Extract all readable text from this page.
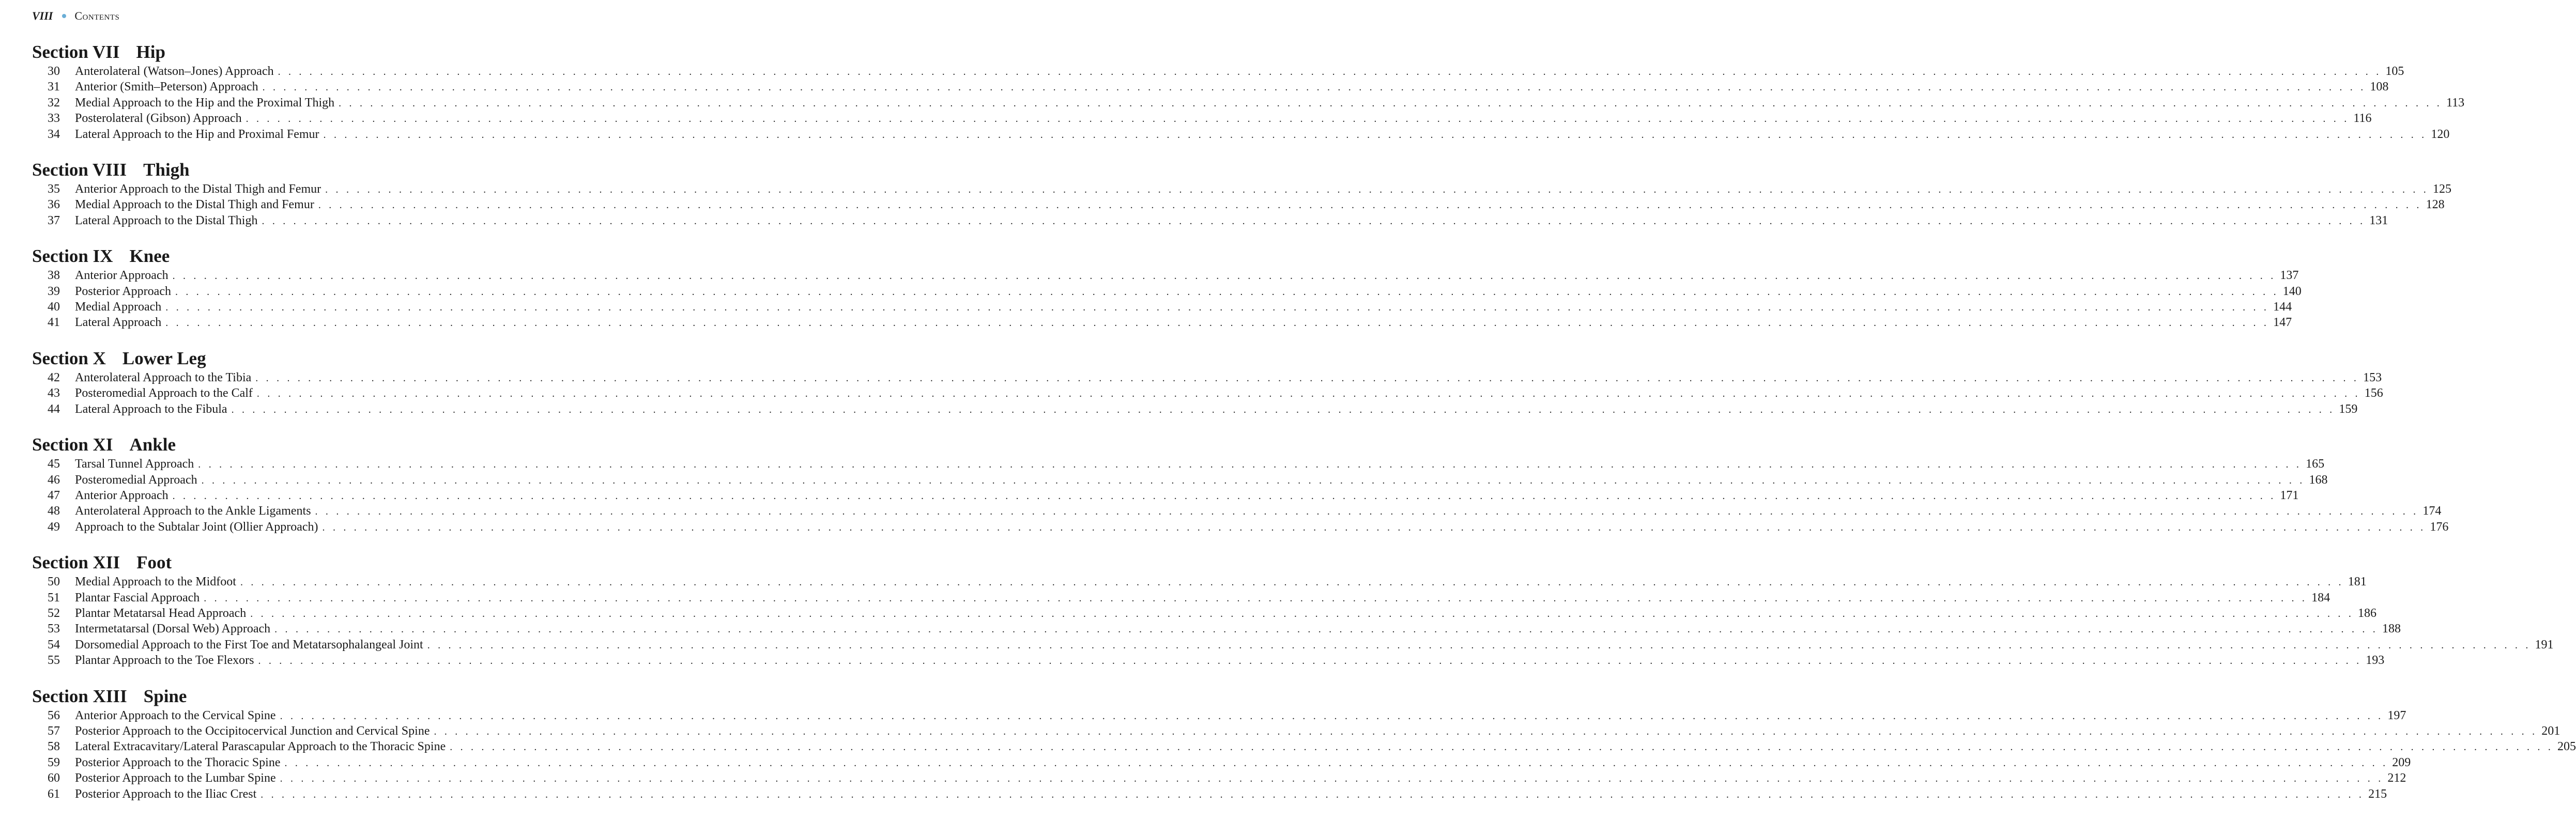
VIII Contents
Section VII Hip
30 Anterolateral (Watson–Jones) Approach . . . . . . . . . . . . . . . . . . . . . . . . . . . . . . . . . . . . . . . . . . . . . . . . . . . . . . . . . . . . . . . . . . . . . . . . . . . . . . . . . . . . . . . . . . . . . . . . . . . . . . . . . . . . . . . . . . . . . . . . . . . . . . . . . . . . . . . . . . . . . . . . . . . . . . . . . . . . . . . . . . . . . . . . . . . . . . . . . . . . . . . . . . . . . . . . . . . . . . . . 105
31 Anterior (Smith–Peterson) Approach . . . . . . . . . . . . . . . . . . . . . . . . . . . . . . . . . . . . . . . . . . . . . . . . . . . . . . . . . . . . . . . . . . . . . . . . . . . . . . . . . . . . . . . . . . . . . . . . . . . . . . . . . . . . . . . . . . . . . . . . . . . . . . . . . . . . . . . . . . . . . . . . . . . . . . . . . . . . . . . . . . . . . . . . . . . . . . . . . . . . . . . . . . . . . . . . . . . . . . . . 108
32 Medial Approach to the Hip and the Proximal Thigh . . . . . . . . . . . . . . . . . . . . . . . . . . . . . . . . . . . . . . . . . . . . . . . . . . . . . . . . . . . . . . . . . . . . . . . . . . . . . . . . . . . . . . . . . . . . . . . . . . . . . . . . . . . . . . . . . . . . . . . . . . . . . . . . . . . . . . . . . . . . . . . . . . . . . . . . . . . . . . . . . . . . . . . . . . . . . . . . . . . . . . . . . . . . . . . . . . . . . . . . 113
33 Posterolateral (Gibson) Approach . . . . . . . . . . . . . . . . . . . . . . . . . . . . . . . . . . . . . . . . . . . . . . . . . . . . . . . . . . . . . . . . . . . . . . . . . . . . . . . . . . . . . . . . . . . . . . . . . . . . . . . . . . . . . . . . . . . . . . . . . . . . . . . . . . . . . . . . . . . . . . . . . . . . . . . . . . . . . . . . . . . . . . . . . . . . . . . . . . . . . . . . . . . . . . . . . . . . . . . . 116
34 Lateral Approach to the Hip and Proximal Femur . . . . . . . . . . . . . . . . . . . . . . . . . . . . . . . . . . . . . . . . . . . . . . . . . . . . . . . . . . . . . . . . . . . . . . . . . . . . . . . . . . . . . . . . . . . . . . . . . . . . . . . . . . . . . . . . . . . . . . . . . . . . . . . . . . . . . . . . . . . . . . . . . . . . . . . . . . . . . . . . . . . . . . . . . . . . . . . . . . . . . . . . . . . . . . . . . . . . . . . . 120
Section VIII Thigh
35 Anterior Approach to the Distal Thigh and Femur . . . . . . . . . . . . . . . . . . . . . . . . . . . . . . . . . . . . . . . . . . . . . . . . . . . . . . . . . . . . . . . . . . . . . . . . . . . . . . . . . . . . . . . . . . . . . . . . . . . . . . . . . . . . . . . . . . . . . . . . . . . . . . . . . . . . . . . . . . . . . . . . . . . . . . . . . . . . . . . . . . . . . . . . . . . . . . . . . . . . . . . . . . . . . . . . . . . . . . . . 125
36 Medial Approach to the Distal Thigh and Femur . . . . . . . . . . . . . . . . . . . . . . . . . . . . . . . . . . . . . . . . . . . . . . . . . . . . . . . . . . . . . . . . . . . . . . . . . . . . . . . . . . . . . . . . . . . . . . . . . . . . . . . . . . . . . . . . . . . . . . . . . . . . . . . . . . . . . . . . . . . . . . . . . . . . . . . . . . . . . . . . . . . . . . . . . . . . . . . . . . . . . . . . . . . . . . . . . . . . . . . . 128
37 Lateral Approach to the Distal Thigh . . . . . . . . . . . . . . . . . . . . . . . . . . . . . . . . . . . . . . . . . . . . . . . . . . . . . . . . . . . . . . . . . . . . . . . . . . . . . . . . . . . . . . . . . . . . . . . . . . . . . . . . . . . . . . . . . . . . . . . . . . . . . . . . . . . . . . . . . . . . . . . . . . . . . . . . . . . . . . . . . . . . . . . . . . . . . . . . . . . . . . . . . . . . . . . . . . . . . . . . 131
Section IX Knee
38 Anterior Approach . . . . . . . . . . . . . . . . . . . . . . . . . . . . . . . . . . . . . . . . . . . . . . . . . . . . . . . . . . . . . . . . . . . . . . . . . . . . . . . . . . . . . . . . . . . . . . . . . . . . . . . . . . . . . . . . . . . . . . . . . . . . . . . . . . . . . . . . . . . . . . . . . . . . . . . . . . . . . . . . . . . . . . . . . . . . . . . . . . . . . . . . . . . . . . . . . . . . . . . . 137
39 Posterior Approach . . . . . . . . . . . . . . . . . . . . . . . . . . . . . . . . . . . . . . . . . . . . . . . . . . . . . . . . . . . . . . . . . . . . . . . . . . . . . . . . . . . . . . . . . . . . . . . . . . . . . . . . . . . . . . . . . . . . . . . . . . . . . . . . . . . . . . . . . . . . . . . . . . . . . . . . . . . . . . . . . . . . . . . . . . . . . . . . . . . . . . . . . . . . . . . . . . . . . . . . 140
40 Medial Approach . . . . . . . . . . . . . . . . . . . . . . . . . . . . . . . . . . . . . . . . . . . . . . . . . . . . . . . . . . . . . . . . . . . . . . . . . . . . . . . . . . . . . . . . . . . . . . . . . . . . . . . . . . . . . . . . . . . . . . . . . . . . . . . . . . . . . . . . . . . . . . . . . . . . . . . . . . . . . . . . . . . . . . . . . . . . . . . . . . . . . . . . . . . . . . . . . . . . . . . . 144
41 Lateral Approach . . . . . . . . . . . . . . . . . . . . . . . . . . . . . . . . . . . . . . . . . . . . . . . . . . . . . . . . . . . . . . . . . . . . . . . . . . . . . . . . . . . . . . . . . . . . . . . . . . . . . . . . . . . . . . . . . . . . . . . . . . . . . . . . . . . . . . . . . . . . . . . . . . . . . . . . . . . . . . . . . . . . . . . . . . . . . . . . . . . . . . . . . . . . . . . . . . . . . . . . 147
Section X Lower Leg
42 Anterolateral Approach to the Tibia . . . . . . . . . . . . . . . . . . . . . . . . . . . . . . . . . . . . . . . . . . . . . . . . . . . . . . . . . . . . . . . . . . . . . . . . . . . . . . . . . . . . . . . . . . . . . . . . . . . . . . . . . . . . . . . . . . . . . . . . . . . . . . . . . . . . . . . . . . . . . . . . . . . . . . . . . . . . . . . . . . . . . . . . . . . . . . . . . . . . . . . . . . . . . . . . . . . . . . . . 153
43 Posteromedial Approach to the Calf . . . . . . . . . . . . . . . . . . . . . . . . . . . . . . . . . . . . . . . . . . . . . . . . . . . . . . . . . . . . . . . . . . . . . . . . . . . . . . . . . . . . . . . . . . . . . . . . . . . . . . . . . . . . . . . . . . . . . . . . . . . . . . . . . . . . . . . . . . . . . . . . . . . . . . . . . . . . . . . . . . . . . . . . . . . . . . . . . . . . . . . . . . . . . . . . . . . . . . . . 156
44 Lateral Approach to the Fibula . . . . . . . . . . . . . . . . . . . . . . . . . . . . . . . . . . . . . . . . . . . . . . . . . . . . . . . . . . . . . . . . . . . . . . . . . . . . . . . . . . . . . . . . . . . . . . . . . . . . . . . . . . . . . . . . . . . . . . . . . . . . . . . . . . . . . . . . . . . . . . . . . . . . . . . . . . . . . . . . . . . . . . . . . . . . . . . . . . . . . . . . . . . . . . . . . . . . . . . . 159
Section XI Ankle
45 Tarsal Tunnel Approach . . . . . . . . . . . . . . . . . . . . . . . . . . . . . . . . . . . . . . . . . . . . . . . . . . . . . . . . . . . . . . . . . . . . . . . . . . . . . . . . . . . . . . . . . . . . . . . . . . . . . . . . . . . . . . . . . . . . . . . . . . . . . . . . . . . . . . . . . . . . . . . . . . . . . . . . . . . . . . . . . . . . . . . . . . . . . . . . . . . . . . . . . . . . . . . . . . . . . . . . 165
46 Posteromedial Approach . . . . . . . . . . . . . . . . . . . . . . . . . . . . . . . . . . . . . . . . . . . . . . . . . . . . . . . . . . . . . . . . . . . . . . . . . . . . . . . . . . . . . . . . . . . . . . . . . . . . . . . . . . . . . . . . . . . . . . . . . . . . . . . . . . . . . . . . . . . . . . . . . . . . . . . . . . . . . . . . . . . . . . . . . . . . . . . . . . . . . . . . . . . . . . . . . . . . . . . . 168
47 Anterior Approach . . . . . . . . . . . . . . . . . . . . . . . . . . . . . . . . . . . . . . . . . . . . . . . . . . . . . . . . . . . . . . . . . . . . . . . . . . . . . . . . . . . . . . . . . . . . . . . . . . . . . . . . . . . . . . . . . . . . . . . . . . . . . . . . . . . . . . . . . . . . . . . . . . . . . . . . . . . . . . . . . . . . . . . . . . . . . . . . . . . . . . . . . . . . . . . . . . . . . . . . 171
48 Anterolateral Approach to the Ankle Ligaments . . . . . . . . . . . . . . . . . . . . . . . . . . . . . . . . . . . . . . . . . . . . . . . . . . . . . . . . . . . . . . . . . . . . . . . . . . . . . . . . . . . . . . . . . . . . . . . . . . . . . . . . . . . . . . . . . . . . . . . . . . . . . . . . . . . . . . . . . . . . . . . . . . . . . . . . . . . . . . . . . . . . . . . . . . . . . . . . . . . . . . . . . . . . . . . . . . . . . . . . 174
49 Approach to the Subtalar Joint (Ollier Approach) . . . . . . . . . . . . . . . . . . . . . . . . . . . . . . . . . . . . . . . . . . . . . . . . . . . . . . . . . . . . . . . . . . . . . . . . . . . . . . . . . . . . . . . . . . . . . . . . . . . . . . . . . . . . . . . . . . . . . . . . . . . . . . . . . . . . . . . . . . . . . . . . . . . . . . . . . . . . . . . . . . . . . . . . . . . . . . . . . . . . . . . . . . . . . . . . . . . . . . . . 176
Section XII Foot
50 Medial Approach to the Midfoot . . . . . . . . . . . . . . . . . . . . . . . . . . . . . . . . . . . . . . . . . . . . . . . . . . . . . . . . . . . . . . . . . . . . . . . . . . . . . . . . . . . . . . . . . . . . . . . . . . . . . . . . . . . . . . . . . . . . . . . . . . . . . . . . . . . . . . . . . . . . . . . . . . . . . . . . . . . . . . . . . . . . . . . . . . . . . . . . . . . . . . . . . . . . . . . . . . . . . . . . 181
51 Plantar Fascial Approach . . . . . . . . . . . . . . . . . . . . . . . . . . . . . . . . . . . . . . . . . . . . . . . . . . . . . . . . . . . . . . . . . . . . . . . . . . . . . . . . . . . . . . . . . . . . . . . . . . . . . . . . . . . . . . . . . . . . . . . . . . . . . . . . . . . . . . . . . . . . . . . . . . . . . . . . . . . . . . . . . . . . . . . . . . . . . . . . . . . . . . . . . . . . . . . . . . . . . . . . 184
52 Plantar Metatarsal Head Approach . . . . . . . . . . . . . . . . . . . . . . . . . . . . . . . . . . . . . . . . . . . . . . . . . . . . . . . . . . . . . . . . . . . . . . . . . . . . . . . . . . . . . . . . . . . . . . . . . . . . . . . . . . . . . . . . . . . . . . . . . . . . . . . . . . . . . . . . . . . . . . . . . . . . . . . . . . . . . . . . . . . . . . . . . . . . . . . . . . . . . . . . . . . . . . . . . . . . . . . . 186
53 Intermetatarsal (Dorsal Web) Approach . . . . . . . . . . . . . . . . . . . . . . . . . . . . . . . . . . . . . . . . . . . . . . . . . . . . . . . . . . . . . . . . . . . . . . . . . . . . . . . . . . . . . . . . . . . . . . . . . . . . . . . . . . . . . . . . . . . . . . . . . . . . . . . . . . . . . . . . . . . . . . . . . . . . . . . . . . . . . . . . . . . . . . . . . . . . . . . . . . . . . . . . . . . . . . . . . . . . . . . . 188
54 Dorsomedial Approach to the First Toe and Metatarsophalangeal Joint . . . . . . . . . . . . . . . . . . . . . . . . . . . . . . . . . . . . . . . . . . . . . . . . . . . . . . . . . . . . . . . . . . . . . . . . . . . . . . . . . . . . . . . . . . . . . . . . . . . . . . . . . . . . . . . . . . . . . . . . . . . . . . . . . . . . . . . . . . . . . . . . . . . . . . . . . . . . . . . . . . . . . . . . . . . . . . . . . . . . . . . . . . . . . . . . . . . . . . . . 191
55 Plantar Approach to the Toe Flexors . . . . . . . . . . . . . . . . . . . . . . . . . . . . . . . . . . . . . . . . . . . . . . . . . . . . . . . . . . . . . . . . . . . . . . . . . . . . . . . . . . . . . . . . . . . . . . . . . . . . . . . . . . . . . . . . . . . . . . . . . . . . . . . . . . . . . . . . . . . . . . . . . . . . . . . . . . . . . . . . . . . . . . . . . . . . . . . . . . . . . . . . . . . . . . . . . . . . . . . . 193
Section XIII Spine
56 Anterior Approach to the Cervical Spine . . . . . . . . . . . . . . . . . . . . . . . . . . . . . . . . . . . . . . . . . . . . . . . . . . . . . . . . . . . . . . . . . . . . . . . . . . . . . . . . . . . . . . . . . . . . . . . . . . . . . . . . . . . . . . . . . . . . . . . . . . . . . . . . . . . . . . . . . . . . . . . . . . . . . . . . . . . . . . . . . . . . . . . . . . . . . . . . . . . . . . . . . . . . . . . . . . . . . . . . 197
57 Posterior Approach to the Occipitocervical Junction and Cervical Spine . . . . . . . . . . . . . . . . . . . . . . . . . . . . . . . . . . . . . . . . . . . . . . . . . . . . . . . . . . . . . . . . . . . . . . . . . . . . . . . . . . . . . . . . . . . . . . . . . . . . . . . . . . . . . . . . . . . . . . . . . . . . . . . . . . . . . . . . . . . . . . . . . . . . . . . . . . . . . . . . . . . . . . . . . . . . . . . . . . . . . . . . . . . . . . . . . . . . . . . . 201
58 Lateral Extracavitary/Lateral Parascapular Approach to the Thoracic Spine . . . . . . . . . . . . . . . . . . . . . . . . . . . . . . . . . . . . . . . . . . . . . . . . . . . . . . . . . . . . . . . . . . . . . . . . . . . . . . . . . . . . . . . . . . . . . . . . . . . . . . . . . . . . . . . . . . . . . . . . . . . . . . . . . . . . . . . . . . . . . . . . . . . . . . . . . . . . . . . . . . . . . . . . . . . . . . . . . . . . . . . . . . . . . . . . . . . . . . . . 205
59 Posterior Approach to the Thoracic Spine . . . . . . . . . . . . . . . . . . . . . . . . . . . . . . . . . . . . . . . . . . . . . . . . . . . . . . . . . . . . . . . . . . . . . . . . . . . . . . . . . . . . . . . . . . . . . . . . . . . . . . . . . . . . . . . . . . . . . . . . . . . . . . . . . . . . . . . . . . . . . . . . . . . . . . . . . . . . . . . . . . . . . . . . . . . . . . . . . . . . . . . . . . . . . . . . . . . . . . . . 209
60 Posterior Approach to the Lumbar Spine . . . . . . . . . . . . . . . . . . . . . . . . . . . . . . . . . . . . . . . . . . . . . . . . . . . . . . . . . . . . . . . . . . . . . . . . . . . . . . . . . . . . . . . . . . . . . . . . . . . . . . . . . . . . . . . . . . . . . . . . . . . . . . . . . . . . . . . . . . . . . . . . . . . . . . . . . . . . . . . . . . . . . . . . . . . . . . . . . . . . . . . . . . . . . . . . . . . . . . . . 212
61 Posterior Approach to the Iliac Crest . . . . . . . . . . . . . . . . . . . . . . . . . . . . . . . . . . . . . . . . . . . . . . . . . . . . . . . . . . . . . . . . . . . . . . . . . . . . . . . . . . . . . . . . . . . . . . . . . . . . . . . . . . . . . . . . . . . . . . . . . . . . . . . . . . . . . . . . . . . . . . . . . . . . . . . . . . . . . . . . . . . . . . . . . . . . . . . . . . . . . . . . . . . . . . . . . . . . . . . . 215
